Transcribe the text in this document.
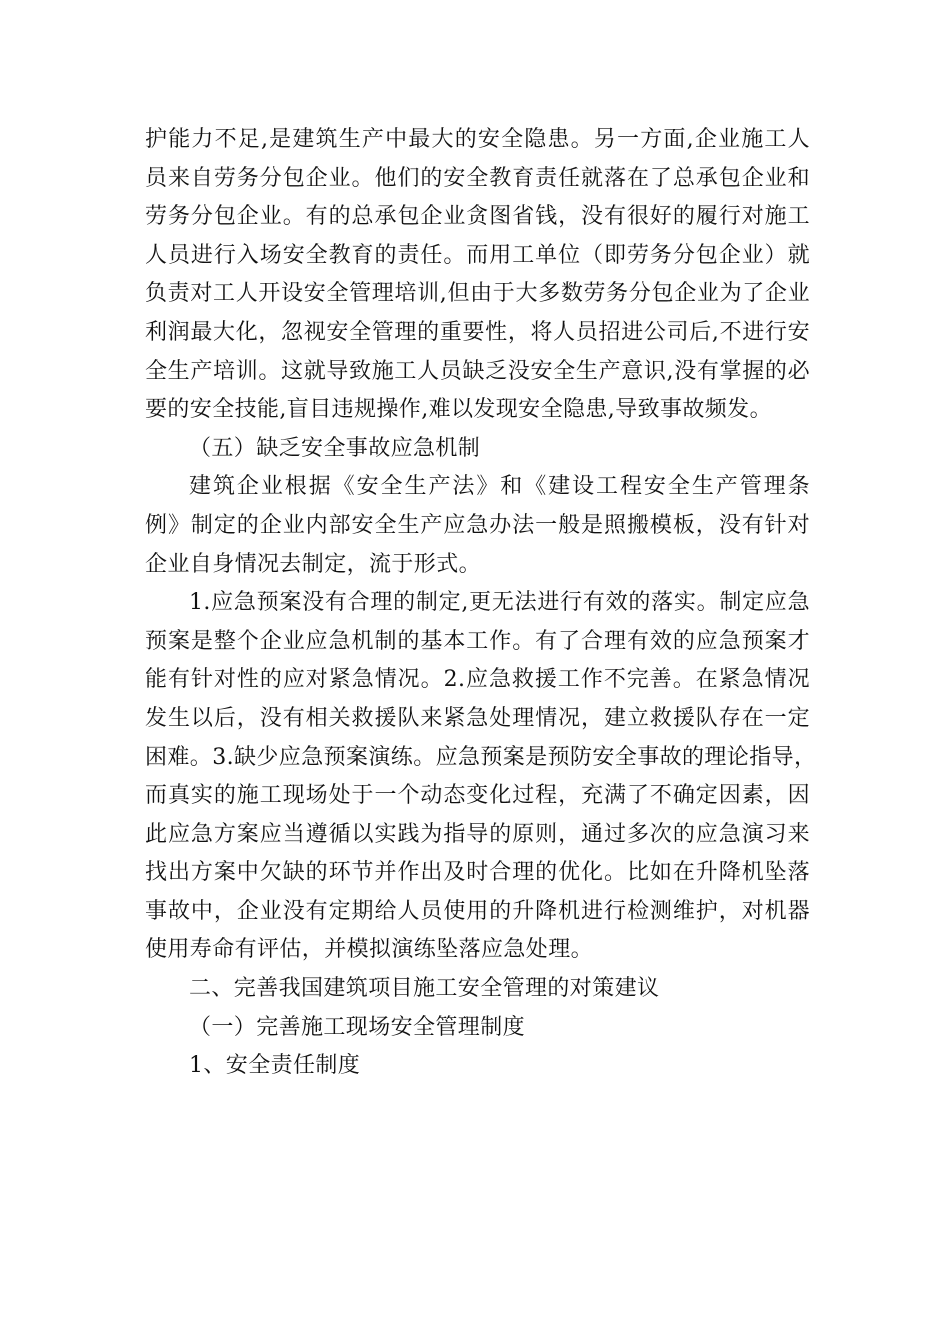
护能力不足,是建筑生产中最大的安全隐患。另一方面,企业施工人
员来自劳务分包企业。他们的安全教育责任就落在了总承包企业和
劳务分包企业。有的总承包企业贪图省钱，没有很好的履行对施工
人员进行入场安全教育的责任。而用工单位（即劳务分包企业）就
负责对工人开设安全管理培训,但由于大多数劳务分包企业为了企业
利润最大化，忽视安全管理的重要性，将人员招进公司后,不进行安
全生产培训。这就导致施工人员缺乏没安全生产意识,没有掌握的必
要的安全技能,盲目违规操作,难以发现安全隐患,导致事故频发。

（五）缺乏安全事故应急机制

建筑企业根据《安全生产法》和《建设工程安全生产管理条
例》制定的企业内部安全生产应急办法一般是照搬模板，没有针对
企业自身情况去制定，流于形式。
1.应急预案没有合理的制定,更无法进行有效的落实。制定应急
预案是整个企业应急机制的基本工作。有了合理有效的应急预案才
能有针对性的应对紧急情况。2.应急救援工作不完善。在紧急情况
发生以后，没有相关救援队来紧急处理情况，建立救援队存在一定
困难。3.缺少应急预案演练。应急预案是预防安全事故的理论指导，
而真实的施工现场处于一个动态变化过程，充满了不确定因素，因
此应急方案应当遵循以实践为指导的原则，通过多次的应急演习来
找出方案中欠缺的环节并作出及时合理的优化。比如在升降机坠落
事故中，企业没有定期给人员使用的升降机进行检测维护，对机器
使用寿命有评估，并模拟演练坠落应急处理。

二、完善我国建筑项目施工安全管理的对策建议

（一）完善施工现场安全管理制度

1、安全责任制度
